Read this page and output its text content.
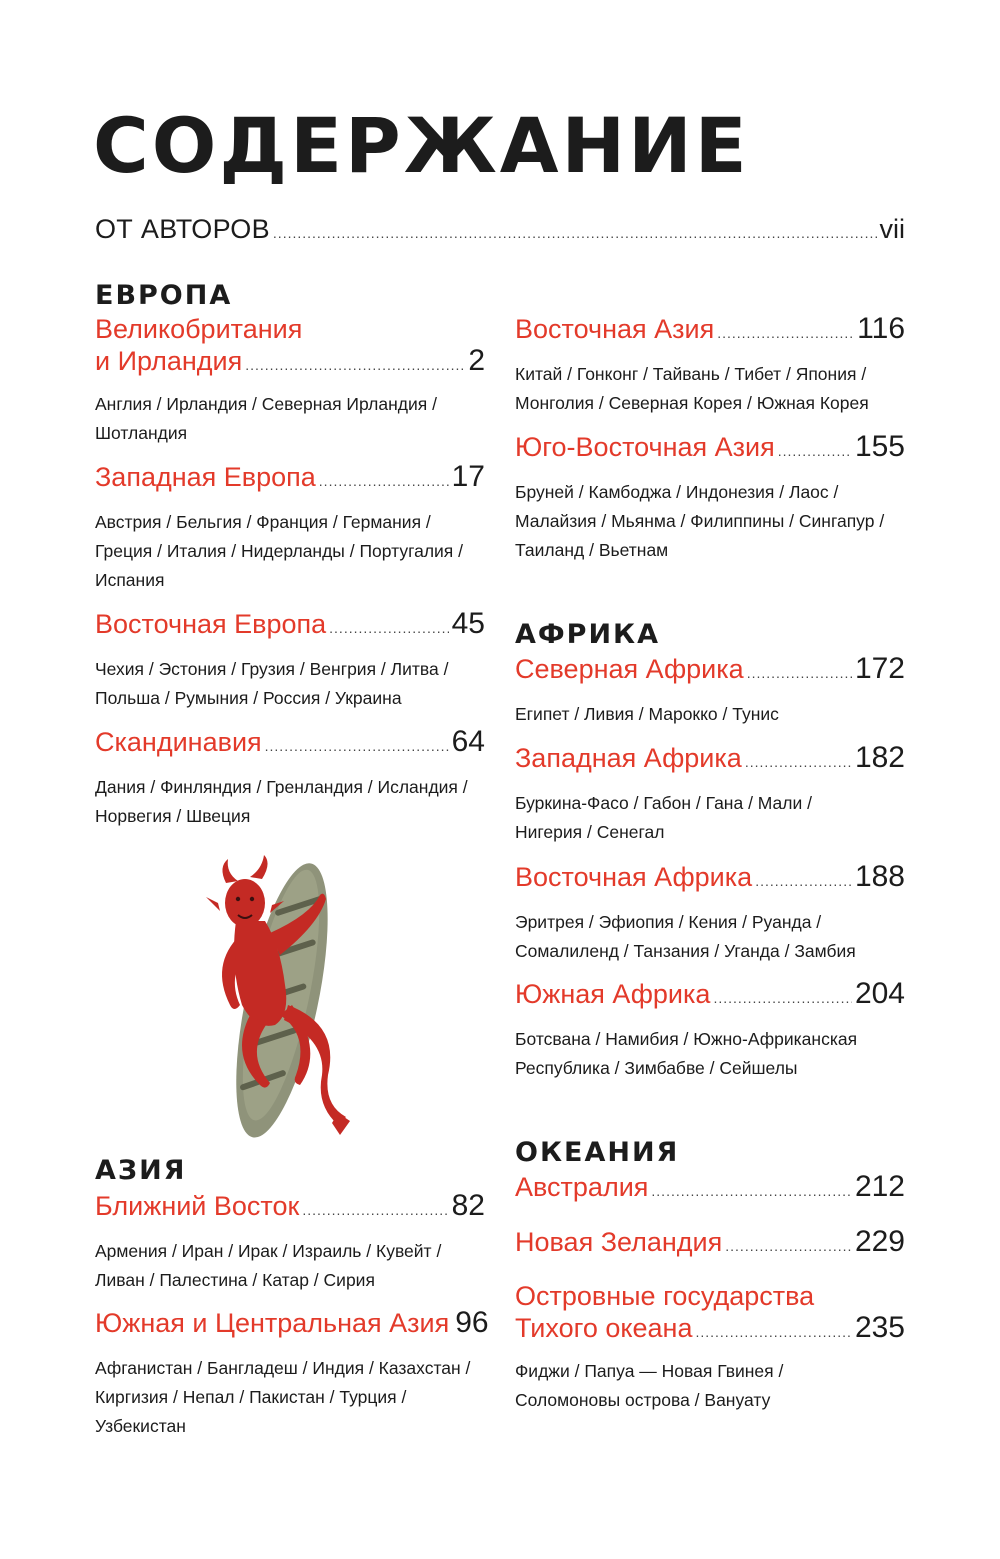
СОДЕРЖАНИЕ
ОТ АВТОРОВ .....	vii
ЕВРОПА
Великобритания
и Ирландия .....	2
Англия / Ирландия / Северная Ирландия /
Шотландия
Западная Европа .....	17
Австрия / Бельгия / Франция / Германия /
Греция / Италия / Нидерланды / Португалия /
Испания
Восточная Европа .....	45
Чехия / Эстония / Грузия / Венгрия / Литва /
Польша / Румыния / Россия / Украина
Скандинавия .....	64
Дания / Финляндия / Гренландия / Исландия /
Норвегия / Швеция
АЗИЯ
Ближний Восток .....	82
Армения / Иран / Ирак / Израиль / Кувейт /
Ливан / Палестина / Катар / Сирия
Южная и Центральная Азия 96
Афганистан / Бангладеш / Индия / Казахстан /
Киргизия / Непал / Пакистан / Турция /
Узбекистан
Восточная Азия .....	116
Китай / Гонконг / Тайвань / Тибет / Япония /
Монголия / Северная Корея / Южная Корея
Юго-Восточная Азия .....	155
Бруней / Камбоджа / Индонезия / Лаос /
Малайзия / Мьянма / Филиппины / Сингапур /
Таиланд / Вьетнам
АФРИКА
Северная Африка .....	172
Египет / Ливия / Марокко / Тунис
Западная Африка .....	182
Буркина-Фасо / Габон / Гана / Мали /
Нигерия / Сенегал
Восточная Африка .....	188
Эритрея / Эфиопия / Кения / Руанда /
Сомалиленд / Танзания / Уганда / Замбия
Южная Африка .....	204
Ботсвана / Намибия / Южно-Африканская
Республика / Зимбабве / Сейшелы
ОКЕАНИЯ
Австралия .....	212
Новая Зеландия .....	229
Островные государства
Тихого океана .....	235
Фиджи / Папуа — Новая Гвинея /
Соломоновы острова / Вануату
